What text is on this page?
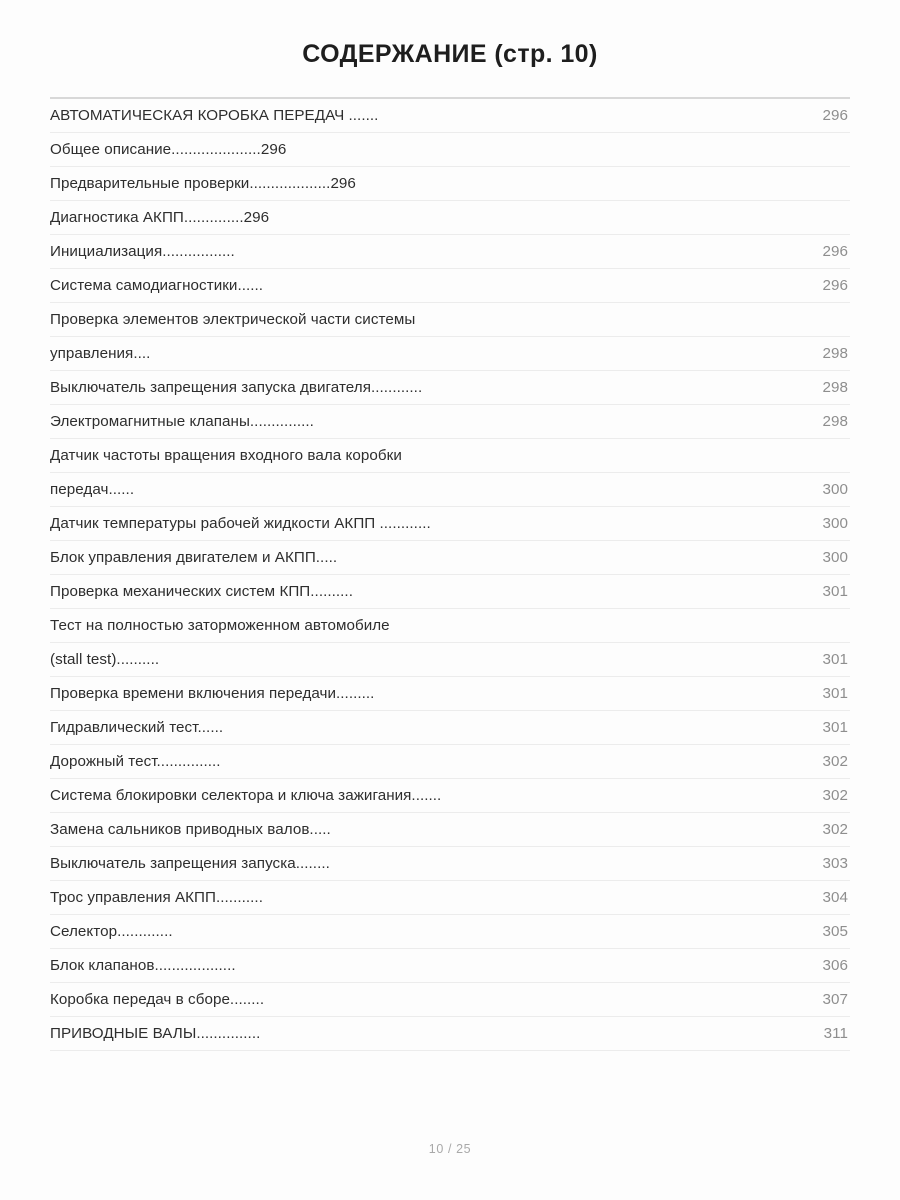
СОДЕРЖАНИЕ (стр. 10)
АВТОМАТИЧЕСКАЯ КОРОБКА ПЕРЕДАЧ .......	296
Общее описание.....................296
Предварительные проверки...................296
Диагностика АКПП..............296
Инициализация.................	296
Система самодиагностики......	296
Проверка элементов электрической части системы
управления....	298
Выключатель запрещения запуска двигателя............	298
Электромагнитные клапаны...............	298
Датчик частоты вращения входного вала коробки
передач......	300
Датчик температуры рабочей жидкости АКПП ............	300
Блок управления двигателем и АКПП.....	300
Проверка механических систем КПП..........	301
Тест на полностью заторможенном автомобиле
(stall test)..........	301
Проверка времени включения передачи.........	301
Гидравлический тест......	301
Дорожный тест...............	302
Система блокировки селектора и ключа зажигания.......	302
Замена сальников приводных валов.....	302
Выключатель запрещения запуска........	303
Трос управления АКПП...........	304
Селектор.............	305
Блок клапанов...................	306
Коробка передач в сборе........	307
ПРИВОДНЫЕ ВАЛЫ...............	311
10 / 25
